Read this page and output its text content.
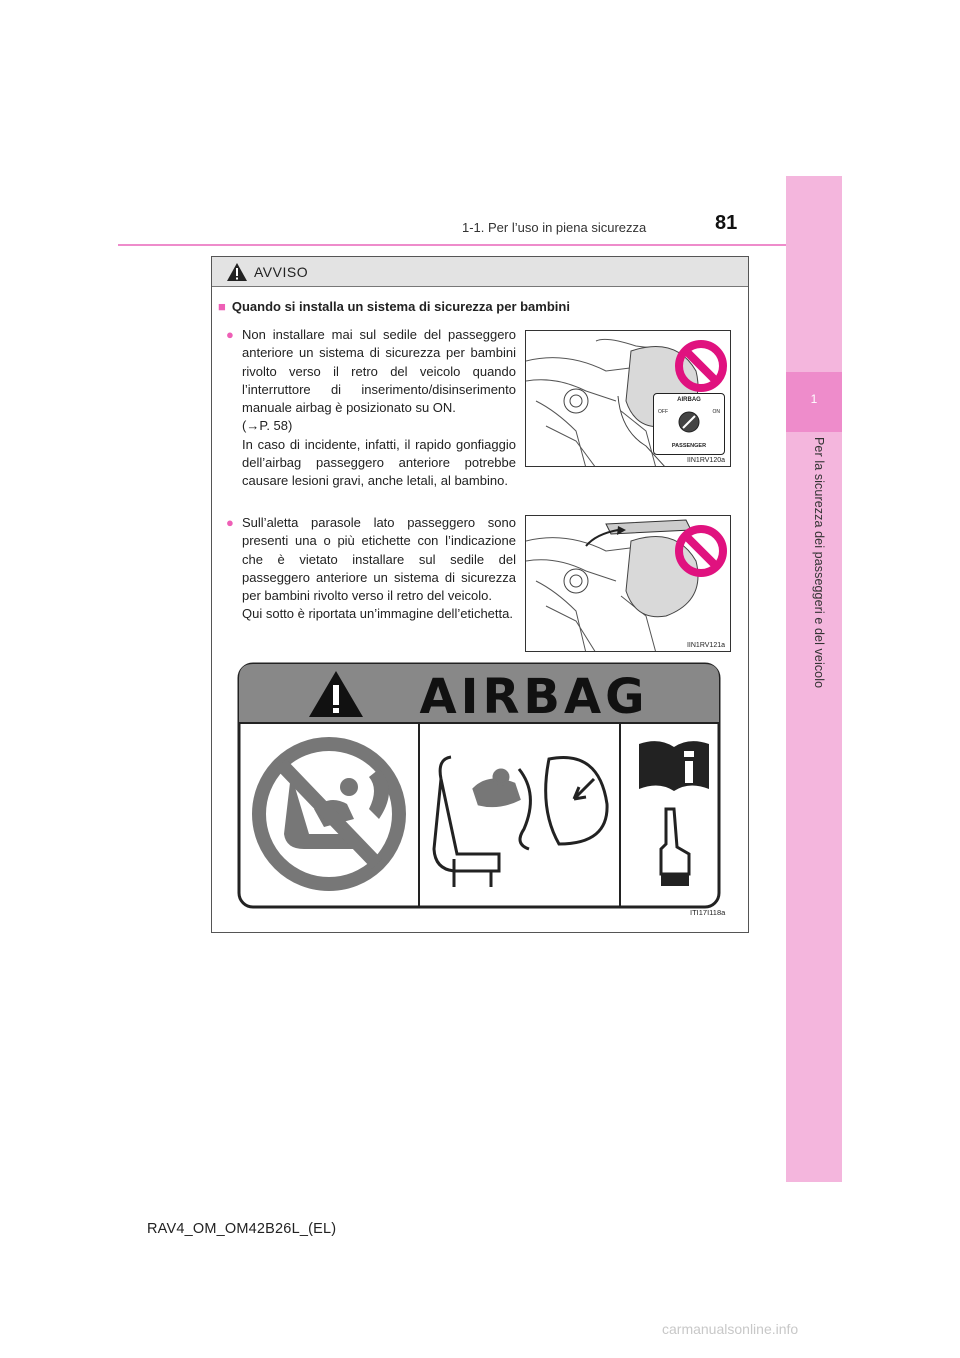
1
Per la sicurezza dei passeggeri e del veicolo
1-1. Per l’uso in piena sicurezza	81
AVVISO
■ Quando si installa un sistema di sicurezza per bambini
● Non installare mai sul sedile del passeggero anteriore un sistema di sicurezza per bambini rivolto verso il retro del veicolo quando l’interruttore di inserimento/disinserimento manuale airbag è posizionato su ON.
(→P. 58)
In caso di incidente, infatti, il rapido gonfiaggio dell’airbag passeggero anteriore potrebbe causare lesioni gravi, anche letali, al bambino.
AIRBAG
OFF	ON
PASSENGER
IIN1RV120a
● Sull’aletta parasole lato passeggero sono presenti una o più etichette con l’indicazione che è vietato installare sul sedile del passeggero anteriore un sistema di sicurezza per bambini rivolto verso il retro del veicolo.
Qui sotto è riportata un’immagine dell’etichetta.
IIN1RV121a
AIRBAG
ITI17I118a
RAV4_OM_OM42B26L_(EL)
carmanualsonline.info
